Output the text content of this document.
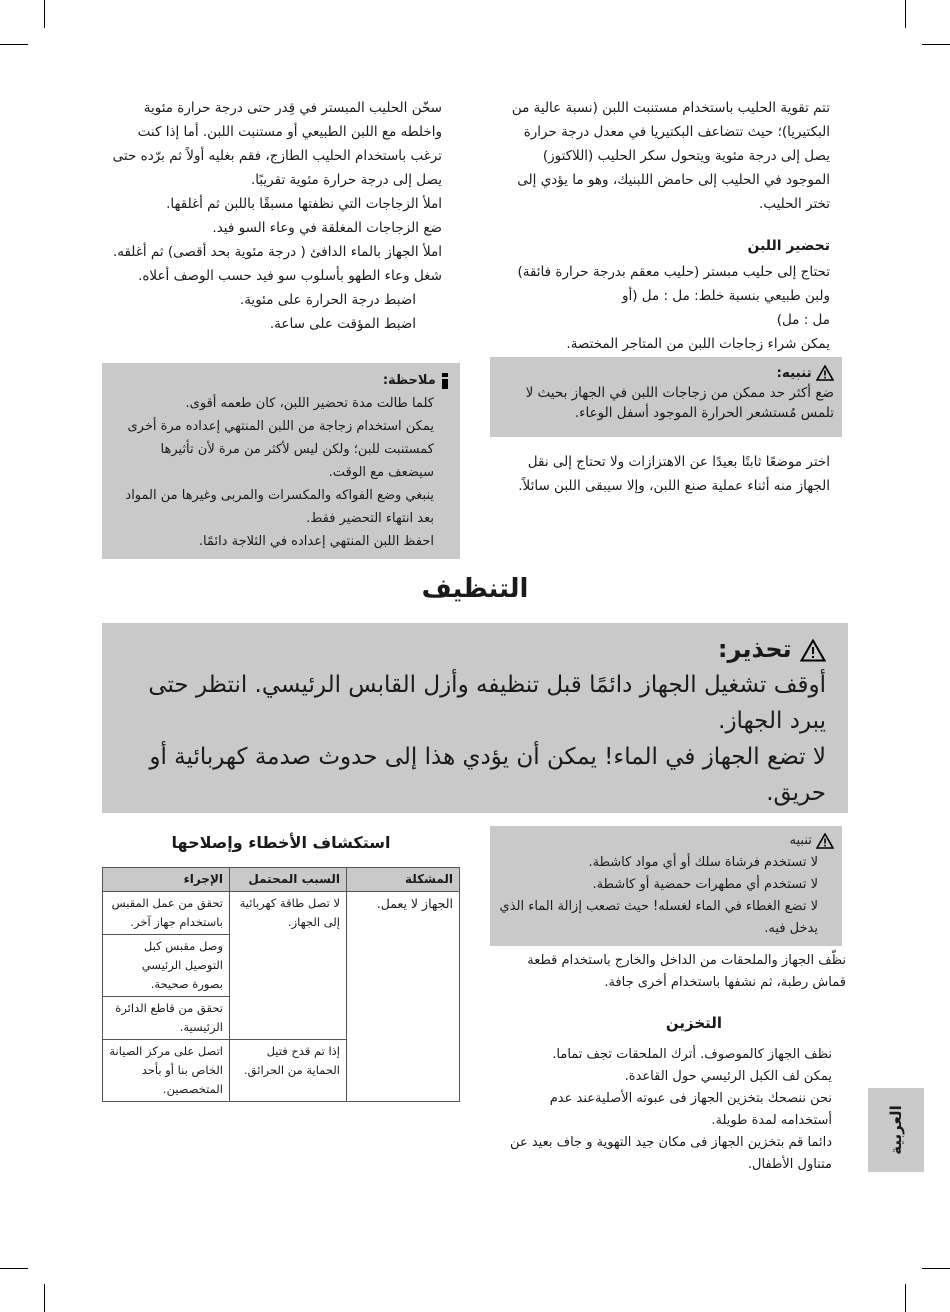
تتم تقوية الحليب باستخدام مستنبت اللبن (نسبة عالية من البكتيريا)؛ حيث تتضاعف البكتيريا في معدل درجة حرارة يصل إلى درجة مئوية ويتحول سكر الحليب (اللاكتوز) الموجود في الحليب إلى حامض اللبنيك، وهو ما يؤدي إلى تختر الحليب.

تحضير اللبن
تحتاج إلى حليب مبستر (حليب معقم بدرجة حرارة فائقة)
ولبن طبيعي بنسبة خلط: مل : مل (أو
مل : مل)
يمكن شراء زجاجات اللبن من المتاجر المختصة.
تنبيه:
ضع أكثر حد ممكن من زجاجات اللبن في الجهاز بحيث لا تلمس مُستشعر الحرارة الموجود أسفل الوعاء.
اختر موضعًا ثابتًا بعيدًا عن الاهتزازات ولا تحتاج إلى نقل الجهاز منه أثناء عملية صنع اللبن، وإلا سيبقى اللبن سائلاً.

سخّن الحليب المبستر في قِدر حتى درجة حرارة مئوية واخلطه مع اللبن الطبيعي أو مستنبت اللبن. أما إذا كنت ترغب باستخدام الحليب الطازج، فقم بغليه أولاً ثم برّده حتى يصل إلى درجة حرارة مئوية تقريبًا.

املأ الزجاجات التي نظفتها مسبقًا باللبن ثم أغلقها.
ضع الزجاجات المغلقة في وعاء السو فيد.
املأ الجهاز بالماء الدافئ ( درجة مئوية بحد أقصى) ثم أغلقه.
شغل وعاء الطهو بأسلوب سو فيد حسب الوصف أعلاه.
اضبط درجة الحرارة على مئوية.
اضبط المؤقت على ساعة.
ملاحظة:
كلما طالت مدة تحضير اللبن، كان طعمه أقوى.
يمكن استخدام زجاجة من اللبن المنتهي إعداده مرة أخرى كمستنبت للبن؛ ولكن ليس لأكثر من مرة لأن تأثيرها سيضعف مع الوقت.
ينبغي وضع الفواكه والمكسرات والمربى وغيرها من المواد بعد انتهاء التحضير فقط.
احفظ اللبن المنتهي إعداده في الثلاجة دائمًا.
التنظيف
تحذير:
أوقف تشغيل الجهاز دائمًا قبل تنظيفه وأزل القابس الرئيسي. انتظر حتى يبرد الجهاز.
لا تضع الجهاز في الماء! يمكن أن يؤدي هذا إلى حدوث صدمة كهربائية أو حريق.
تنبيه
لا تستخدم فرشاة سلك أو أي مواد كاشطة.
لا تستخدم أي مطهرات حمضية أو كاشطة.
لا تضع الغطاء في الماء لغسله! حيث تصعب إزالة الماء الذي يدخل فيه.
نظّف الجهاز والملحقات من الداخل والخارج باستخدام قطعة قماش رطبة، ثم نشفها باستخدام أخرى جافة.
التخزين
نظف الجهاز كالموصوف. أترك الملحقات تجف تماما.
يمكن لف الكبل الرئيسي حول القاعدة.
نحن ننصحك بتخزين الجهاز فى عبوته الأصليةعند عدم أستخدامه لمدة طويلة.
دائما قم بتخزين الجهاز فى مكان جيد التهوية و جاف بعيد عن متناول الأطفال.
استكشاف الأخطاء وإصلاحها
المشكلة	السبب المحتمل	الإجراء
الجهاز لا يعمل.	لا تصل طاقة كهربائية إلى الجهاز.	تحقق من عمل المقبس باستخدام جهاز آخر.
		وصل مقبس كبل التوصيل الرئيسي بصورة صحيحة.
		تحقق من قاطع الدائرة الرئيسية.
	إذا تم قدح فتيل الحماية من الحرائق.	اتصل على مركز الصيانة الخاص بنا أو بأحد المتخصصين.
العربية
